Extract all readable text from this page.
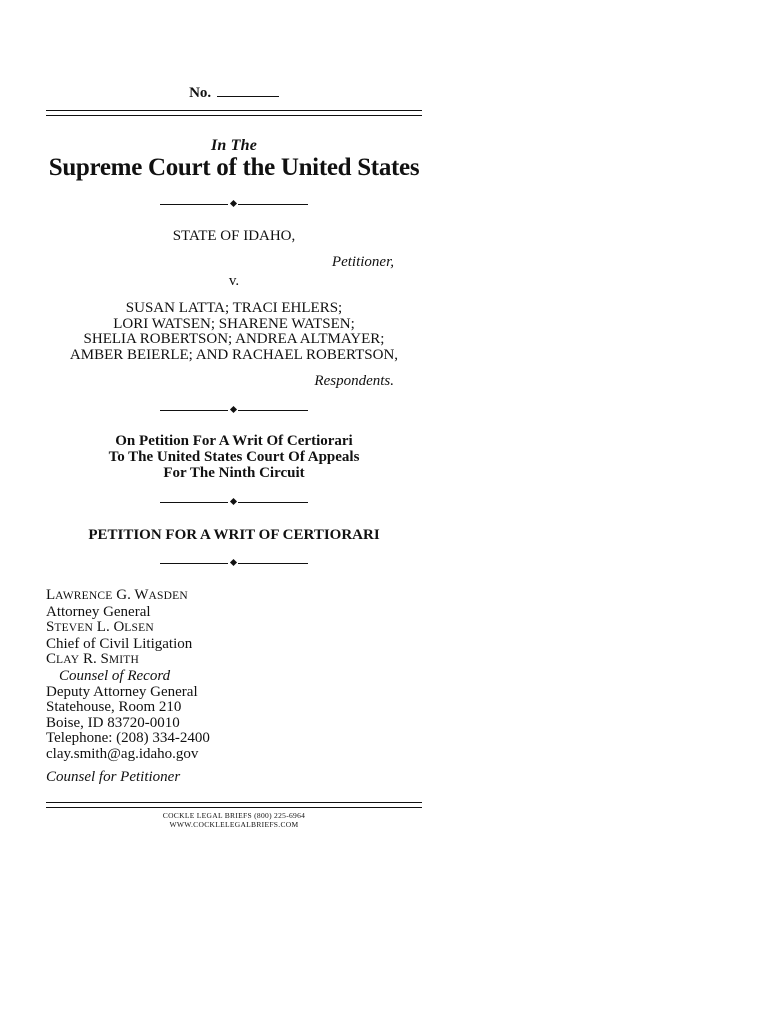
No.
In The
Supreme Court of the United States
STATE OF IDAHO,
Petitioner,
v.
SUSAN LATTA; TRACI EHLERS;
LORI WATSEN; SHARENE WATSEN;
SHELIA ROBERTSON; ANDREA ALTMAYER;
AMBER BEIERLE; AND RACHAEL ROBERTSON,
Respondents.
On Petition For A Writ Of Certiorari
To The United States Court Of Appeals
For The Ninth Circuit
PETITION FOR A WRIT OF CERTIORARI
LAWRENCE G. WASDEN
Attorney General
STEVEN L. OLSEN
Chief of Civil Litigation
CLAY R. SMITH
Counsel of Record
Deputy Attorney General
Statehouse, Room 210
Boise, ID 83720-0010
Telephone: (208) 334-2400
clay.smith@ag.idaho.gov
Counsel for Petitioner
COCKLE LEGAL BRIEFS (800) 225-6964
WWW.COCKLELEGALBRIEFS.COM
